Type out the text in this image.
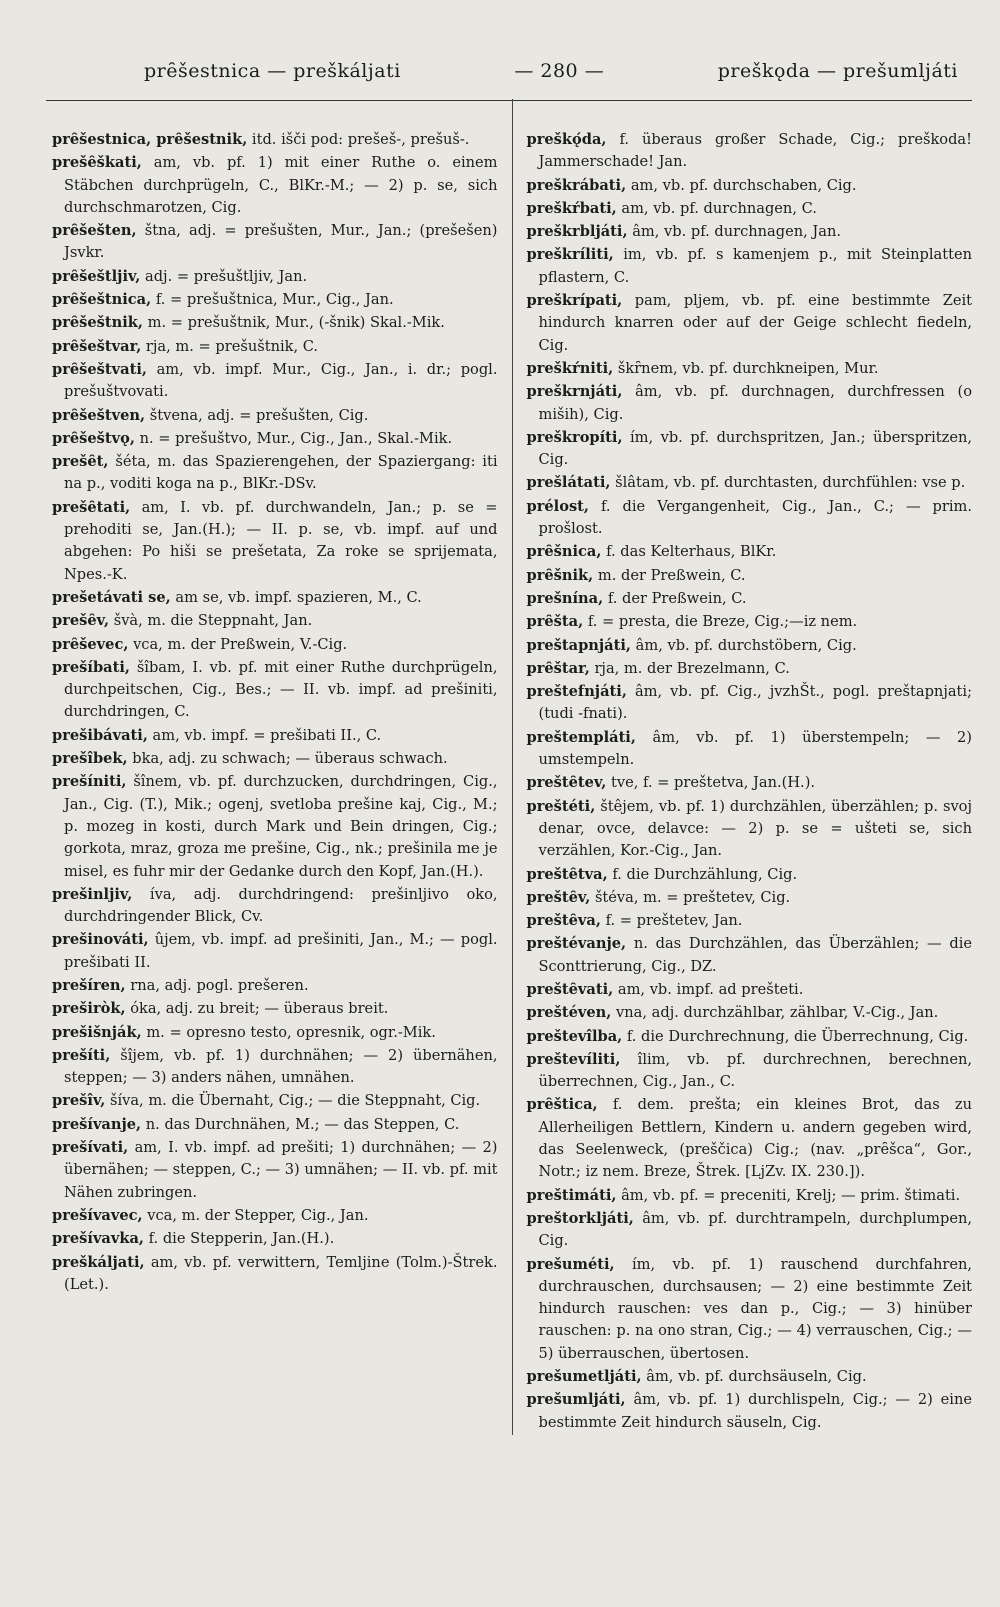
prȇšestnica — preškáljati	— 280 —	preškǫda — prešumljáti

prȇšestnica, prȇšestnik, itd. išči pod: prešeš-, prešuš-.

prešȇškati, am, vb. pf. 1) mit einer Ruthe o. einem Stäbchen durchprügeln, C., BlKr.-M.; — 2) p. se, sich durchschmarotzen, Cig.

prȇšešten, štna, adj. = prešušten, Mur., Jan.; (prešešen) Jsvkr.

prȇšeštljiv, adj. = prešuštljiv, Jan.

prȇšeštnica, f. = prešuštnica, Mur., Cig., Jan.

prȇšeštnik, m. = prešuštnik, Mur., (-šnik) Skal.-Mik.

prȇšeštvar, rja, m. = prešuštnik, C.

prȇšeštvati, am, vb. impf. Mur., Cig., Jan., i. dr.; pogl. prešuštvovati.

prȇšeštven, štvena, adj. = prešušten, Cig.

prȇšeštvǫ, n. = prešuštvo, Mur., Cig., Jan., Skal.-Mik.

prešȇt, šéta, m. das Spazierengehen, der Spaziergang: iti na p., voditi koga na p., BlKr.-DSv.

prešȇtati, am, I. vb. pf. durchwandeln, Jan.; p. se = prehoditi se, Jan.(H.); — II. p. se, vb. impf. auf und abgehen: Po hiši se prešetata, Za roke se sprijemata, Npes.-K.

prešetávati se, am se, vb. impf. spazieren, M., C.

prešȇv, švà, m. die Steppnaht, Jan.

prȇševec, vca, m. der Preßwein, V.-Cig.

prešíbati, šîbam, I. vb. pf. mit einer Ruthe durchprügeln, durchpeitschen, Cig., Bes.; — II. vb. impf. ad prešiniti, durchdringen, C.

prešibávati, am, vb. impf. = prešibati II., C.

prešîbek, bka, adj. zu schwach; — überaus schwach.

prešíniti, šînem, vb. pf. durchzucken, durchdringen, Cig., Jan., Cig. (T.), Mik.; ogenj, svetloba prešine kaj, Cig., M.; p. mozeg in kosti, durch Mark und Bein dringen, Cig.; gorkota, mraz, groza me prešine, Cig., nk.; prešinila me je misel, es fuhr mir der Gedanke durch den Kopf, Jan.(H.).

prešinljiv, íva, adj. durchdringend: prešinljivo oko, durchdringender Blick, Cv.

prešinováti, ûjem, vb. impf. ad prešiniti, Jan., M.; — pogl. prešibati II.

prešíren, rna, adj. pogl. prešeren.

preširòk, óka, adj. zu breit; — überaus breit.

prešišnják, m. = opresno testo, opresnik, ogr.-Mik.

prešíti, šîjem, vb. pf. 1) durchnähen; — 2) übernähen, steppen; — 3) anders nähen, umnähen.

prešîv, šíva, m. die Übernaht, Cig.; — die Steppnaht, Cig.

prešívanje, n. das Durchnähen, M.; — das Steppen, C.

prešívati, am, I. vb. impf. ad prešiti; 1) durchnähen; — 2) übernähen; — steppen, C.; — 3) umnähen; — II. vb. pf. mit Nähen zubringen.

prešívavec, vca, m. der Stepper, Cig., Jan.

prešívavka, f. die Stepperin, Jan.(H.).

preškáljati, am, vb. pf. verwittern, Temljine (Tolm.)-Štrek.(Let.).

preškǫ́da, f. überaus großer Schade, Cig.; preškoda! Jammerschade! Jan.

preškrábati, am, vb. pf. durchschaben, Cig.

preškŕbati, am, vb. pf. durchnagen, C.

preškrbljáti, âm, vb. pf. durchnagen, Jan.

preškríliti, im, vb. pf. s kamenjem p., mit Steinplatten pflastern, C.

preškrípati, pam, pljem, vb. pf. eine bestimmte Zeit hindurch knarren oder auf der Geige schlecht fiedeln, Cig.

preškŕniti, škȓnem, vb. pf. durchkneipen, Mur.

preškrnjáti, âm, vb. pf. durchnagen, durchfressen (o miših), Cig.

preškropíti, ím, vb. pf. durchspritzen, Jan.; überspritzen, Cig.

prešlátati, šlâtam, vb. pf. durchtasten, durchfühlen: vse p.

prélost, f. die Vergangenheit, Cig., Jan., C.; — prim. prošlost.

prȇšnica, f. das Kelterhaus, BlKr.

prȇšnik, m. der Preßwein, C.

prešnína, f. der Preßwein, C.

prȇšta, f. = presta, die Breze, Cig.;—iz nem.

preštapnjáti, âm, vb. pf. durchstöbern, Cig.

prȇštar, rja, m. der Brezelmann, C.

preštefnjáti, âm, vb. pf. Cig., jvzhŠt., pogl. preštapnjati; (tudi -fnati).

preštempláti, âm, vb. pf. 1) überstempeln; — 2) umstempeln.

preštȇtev, tve, f. = preštetva, Jan.(H.).

preštéti, štêjem, vb. pf. 1) durchzählen, überzählen; p. svoj denar, ovce, delavce: — 2) p. se = ušteti se, sich verzählen, Kor.-Cig., Jan.

preštȇtva, f. die Durchzählung, Cig.

preštȇv, štéva, m. = preštetev, Cig.

preštȇva, f. = preštetev, Jan.

preštévanje, n. das Durchzählen, das Überzählen; — die Sconttrierung, Cig., DZ.

preštȇvati, am, vb. impf. ad prešteti.

preštéven, vna, adj. durchzählbar, zählbar, V.-Cig., Jan.

preštevîlba, f. die Durchrechnung, die Überrechnung, Cig.

preštevíliti, îlim, vb. pf. durchrechnen, berechnen, überrechnen, Cig., Jan., C.

prȇštica, f. dem. prešta; ein kleines Brot, das zu Allerheiligen Bettlern, Kindern u. andern gegeben wird, das Seelenweck, (preščica) Cig.; (nav. „prȇšca“, Gor., Notr.; iz nem. Breze, Štrek. [LjZv. IX. 230.]).

preštimáti, âm, vb. pf. = preceniti, Krelj; — prim. štimati.

preštorkljáti, âm, vb. pf. durchtrampeln, durchplumpen, Cig.

prešuméti, ím, vb. pf. 1) rauschend durchfahren, durchrauschen, durchsausen; — 2) eine bestimmte Zeit hindurch rauschen: ves dan p., Cig.; — 3) hinüber rauschen: p. na ono stran, Cig.; — 4) verrauschen, Cig.; — 5) überrauschen, übertosen.

prešumetljáti, âm, vb. pf. durchsäuseln, Cig.

prešumljáti, âm, vb. pf. 1) durchlispeln, Cig.; — 2) eine bestimmte Zeit hindurch säuseln, Cig.
